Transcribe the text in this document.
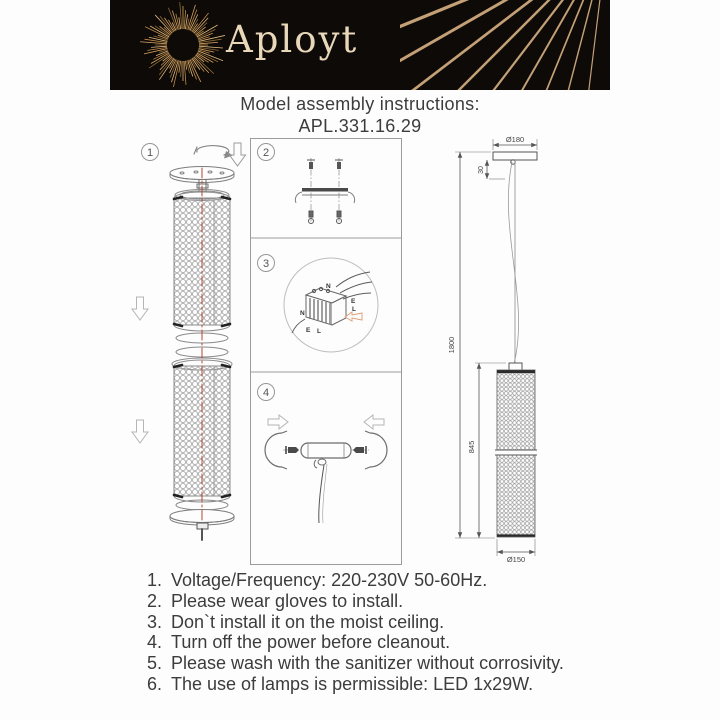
Aployt
Model assembly instructions:
APL.331.16.29
1	2
3
N
E
L
N
E L
4
Ø180
30
845
1800
Ø150
1. Voltage/Frequency: 220-230V 50-60Hz.
2. Please wear gloves to install.
3. Don`t install it on the moist ceiling.
4. Turn off the power before cleanout.
5. Please wash with the sanitizer without corrosivity.
6. The use of lamps is permissible: LED 1x29W.
